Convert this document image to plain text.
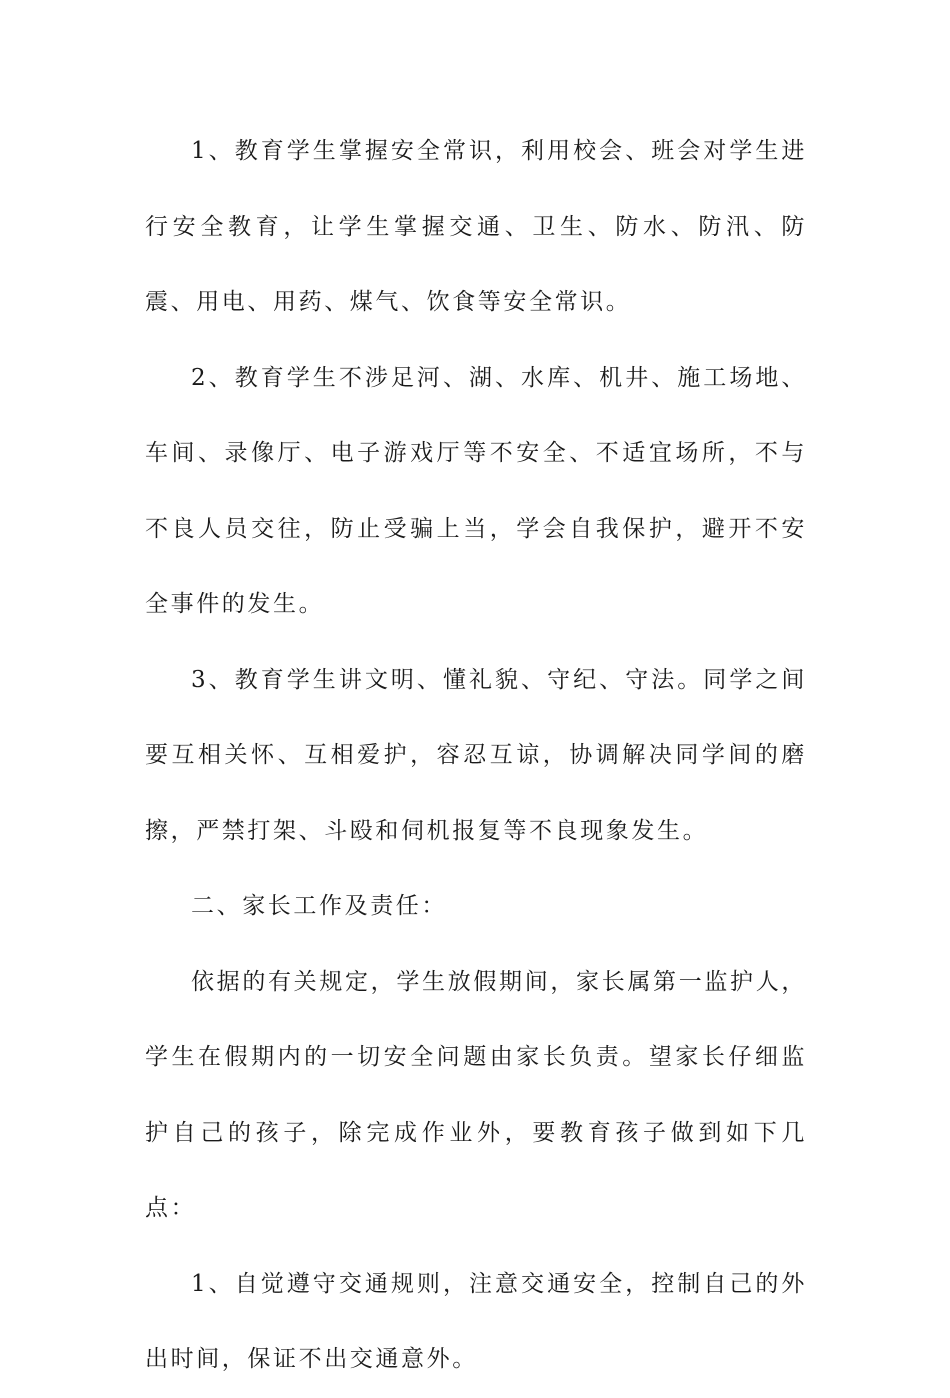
1、教育学生掌握安全常识，利用校会、班会对学生进行安全教育，让学生掌握交通、卫生、防水、防汛、防震、用电、用药、煤气、饮食等安全常识。

2、教育学生不涉足河、湖、水库、机井、施工场地、车间、录像厅、电子游戏厅等不安全、不适宜场所，不与不良人员交往，防止受骗上当，学会自我保护，避开不安全事件的发生。

3、教育学生讲文明、懂礼貌、守纪、守法。同学之间要互相关怀、互相爱护，容忍互谅，协调解决同学间的磨擦，严禁打架、斗殴和伺机报复等不良现象发生。

二、家长工作及责任：

依据的有关规定，学生放假期间，家长属第一监护人，学生在假期内的一切安全问题由家长负责。望家长仔细监护自己的孩子，除完成作业外，要教育孩子做到如下几点：

1、自觉遵守交通规则，注意交通安全，控制自己的外出时间，保证不出交通意外。
